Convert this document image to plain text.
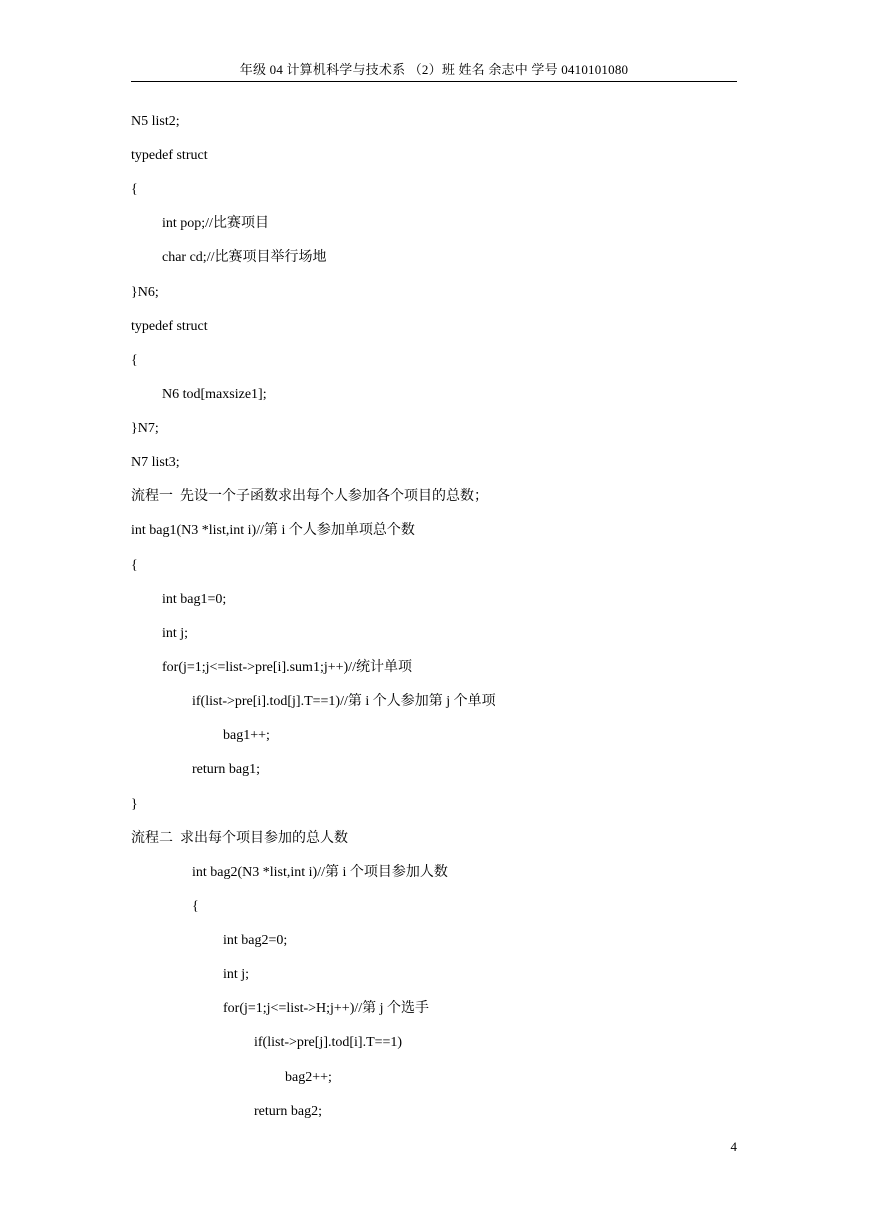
年级 04 计算机科学与技术系 （2）班 姓名 余志中 学号 0410101080
N5 list2;
typedef struct
{
int pop;//比赛项目
char cd;//比赛项目举行场地
}N6;
typedef struct
{
N6 tod[maxsize1];
}N7;
N7 list3;
流程一  先设一个子函数求出每个人参加各个项目的总数；
int bag1(N3 *list,int i)//第 i 个人参加单项总个数
{
int bag1=0;
int j;
for(j=1;j<=list->pre[i].sum1;j++)//统计单项
if(list->pre[i].tod[j].T==1)//第 i 个人参加第 j 个单项
bag1++;
return bag1;
}
流程二  求出每个项目参加的总人数
int bag2(N3 *list,int i)//第 i 个项目参加人数
{
int bag2=0;
int j;
for(j=1;j<=list->H;j++)//第 j 个选手
if(list->pre[j].tod[i].T==1)
bag2++;
return bag2;
4
